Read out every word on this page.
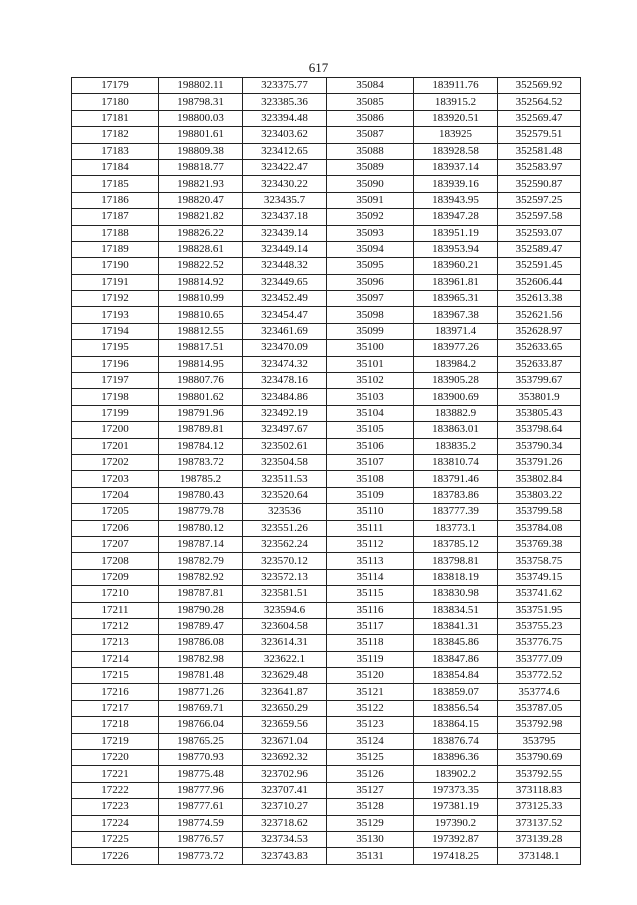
617
17179	198802.11	323375.77	35084	183911.76	352569.92
17180	198798.31	323385.36	35085	183915.2	352564.52
17181	198800.03	323394.48	35086	183920.51	352569.47
17182	198801.61	323403.62	35087	183925	352579.51
17183	198809.38	323412.65	35088	183928.58	352581.48
17184	198818.77	323422.47	35089	183937.14	352583.97
17185	198821.93	323430.22	35090	183939.16	352590.87
17186	198820.47	323435.7	35091	183943.95	352597.25
17187	198821.82	323437.18	35092	183947.28	352597.58
17188	198826.22	323439.14	35093	183951.19	352593.07
17189	198828.61	323449.14	35094	183953.94	352589.47
17190	198822.52	323448.32	35095	183960.21	352591.45
17191	198814.92	323449.65	35096	183961.81	352606.44
17192	198810.99	323452.49	35097	183965.31	352613.38
17193	198810.65	323454.47	35098	183967.38	352621.56
17194	198812.55	323461.69	35099	183971.4	352628.97
17195	198817.51	323470.09	35100	183977.26	352633.65
17196	198814.95	323474.32	35101	183984.2	352633.87
17197	198807.76	323478.16	35102	183905.28	353799.67
17198	198801.62	323484.86	35103	183900.69	353801.9
17199	198791.96	323492.19	35104	183882.9	353805.43
17200	198789.81	323497.67	35105	183863.01	353798.64
17201	198784.12	323502.61	35106	183835.2	353790.34
17202	198783.72	323504.58	35107	183810.74	353791.26
17203	198785.2	323511.53	35108	183791.46	353802.84
17204	198780.43	323520.64	35109	183783.86	353803.22
17205	198779.78	323536	35110	183777.39	353799.58
17206	198780.12	323551.26	35111	183773.1	353784.08
17207	198787.14	323562.24	35112	183785.12	353769.38
17208	198782.79	323570.12	35113	183798.81	353758.75
17209	198782.92	323572.13	35114	183818.19	353749.15
17210	198787.81	323581.51	35115	183830.98	353741.62
17211	198790.28	323594.6	35116	183834.51	353751.95
17212	198789.47	323604.58	35117	183841.31	353755.23
17213	198786.08	323614.31	35118	183845.86	353776.75
17214	198782.98	323622.1	35119	183847.86	353777.09
17215	198781.48	323629.48	35120	183854.84	353772.52
17216	198771.26	323641.87	35121	183859.07	353774.6
17217	198769.71	323650.29	35122	183856.54	353787.05
17218	198766.04	323659.56	35123	183864.15	353792.98
17219	198765.25	323671.04	35124	183876.74	353795
17220	198770.93	323692.32	35125	183896.36	353790.69
17221	198775.48	323702.96	35126	183902.2	353792.55
17222	198777.96	323707.41	35127	197373.35	373118.83
17223	198777.61	323710.27	35128	197381.19	373125.33
17224	198774.59	323718.62	35129	197390.2	373137.52
17225	198776.57	323734.53	35130	197392.87	373139.28
17226	198773.72	323743.83	35131	197418.25	373148.1
